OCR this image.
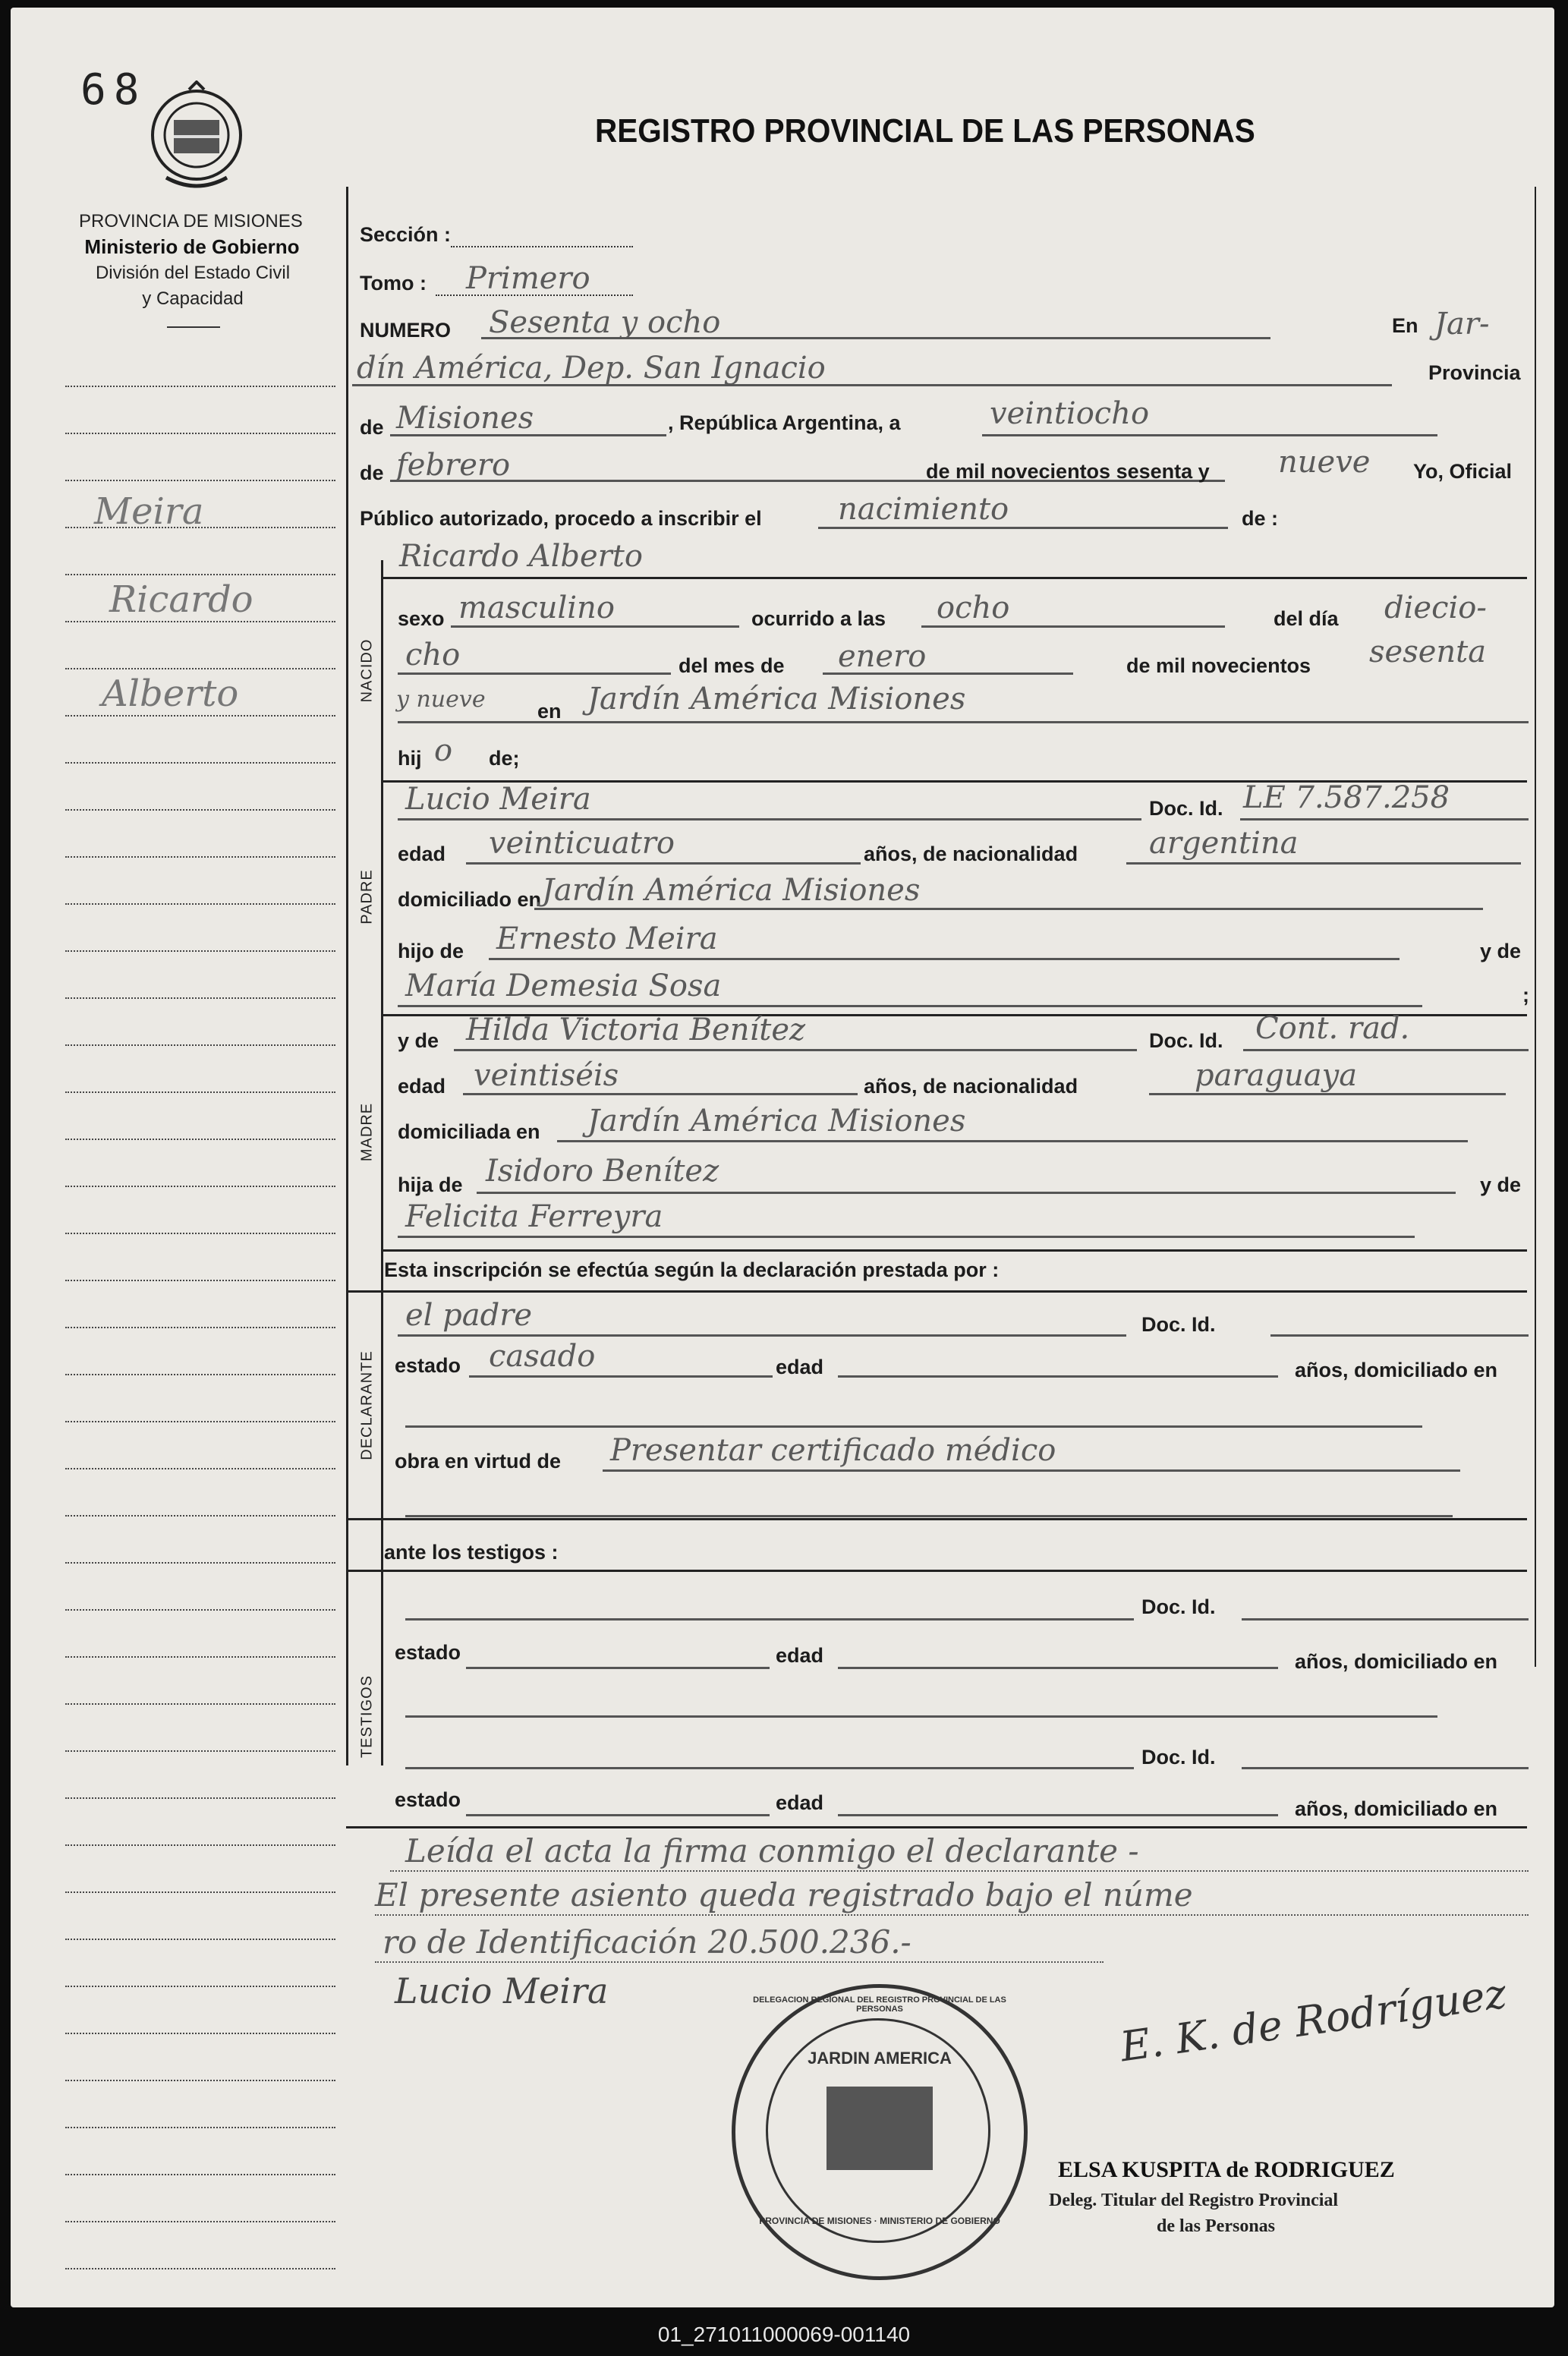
68
PROVINCIA DE MISIONES
Ministerio de Gobierno
División del Estado Civil
y Capacidad
REGISTRO PROVINCIAL DE LAS PERSONAS
Meira
Ricardo
Alberto	NACIDO
PADRE
MADRE
DECLARANTE
TESTIGOS
Sección :
Tomo : Primero
NUMERO Sesenta y ocho	En Jar-
dín América, Dep. San Ignacio	Provincia
de Misiones	, República Argentina, a	veintiocho
de febrero	de mil novecientos sesenta y nueve Yo, Oficial
Público autorizado, procedo a inscribir el	nacimiento	de :
Ricardo Alberto
sexo masculino	ocurrido a las ocho	del día diecio-
cho	del mes de enero	de mil novecientos sesenta
y nueve	en Jardín América Misiones
hij o de;
Lucio Meira	Doc. Id. LE 7.587.258
edad veinticuatro	años, de nacionalidad argentina
domiciliado en Jardín América Misiones
hijo de Ernesto Meira	y de
María Demesia Sosa	;
y de Hilda Victoria Benítez	Doc. Id. Cont. rad.
edad veintiséis	años, de nacionalidad	paraguaya
domiciliada en Jardín América Misiones
hija de Isidoro Benítez	y de
Felicita Ferreyra
Esta inscripción se efectúa según la declaración prestada por :
el padre	Doc. Id.
estado casado	edad	años, domiciliado en
obra en virtud de Presentar certificado médico
ante los testigos :
Doc. Id.
estado	edad	años, domiciliado en
Doc. Id.
estado	edad	años, domiciliado en
Leída el acta la firma conmigo el declarante -
El presente asiento queda registrado bajo el núme
ro de Identificación 20.500.236.-
Lucio Meira	E. K. de Rodríguez
DELEGACION REGIONAL DEL REGISTRO PROVINCIAL DE LAS PERSONAS
JARDIN AMERICA
PROVINCIA DE MISIONES · MINISTERIO DE GOBIERNO
ELSA KUSPITA de RODRIGUEZ
Deleg. Titular del Registro Provincial
de las Personas
01_271011000069-001140
